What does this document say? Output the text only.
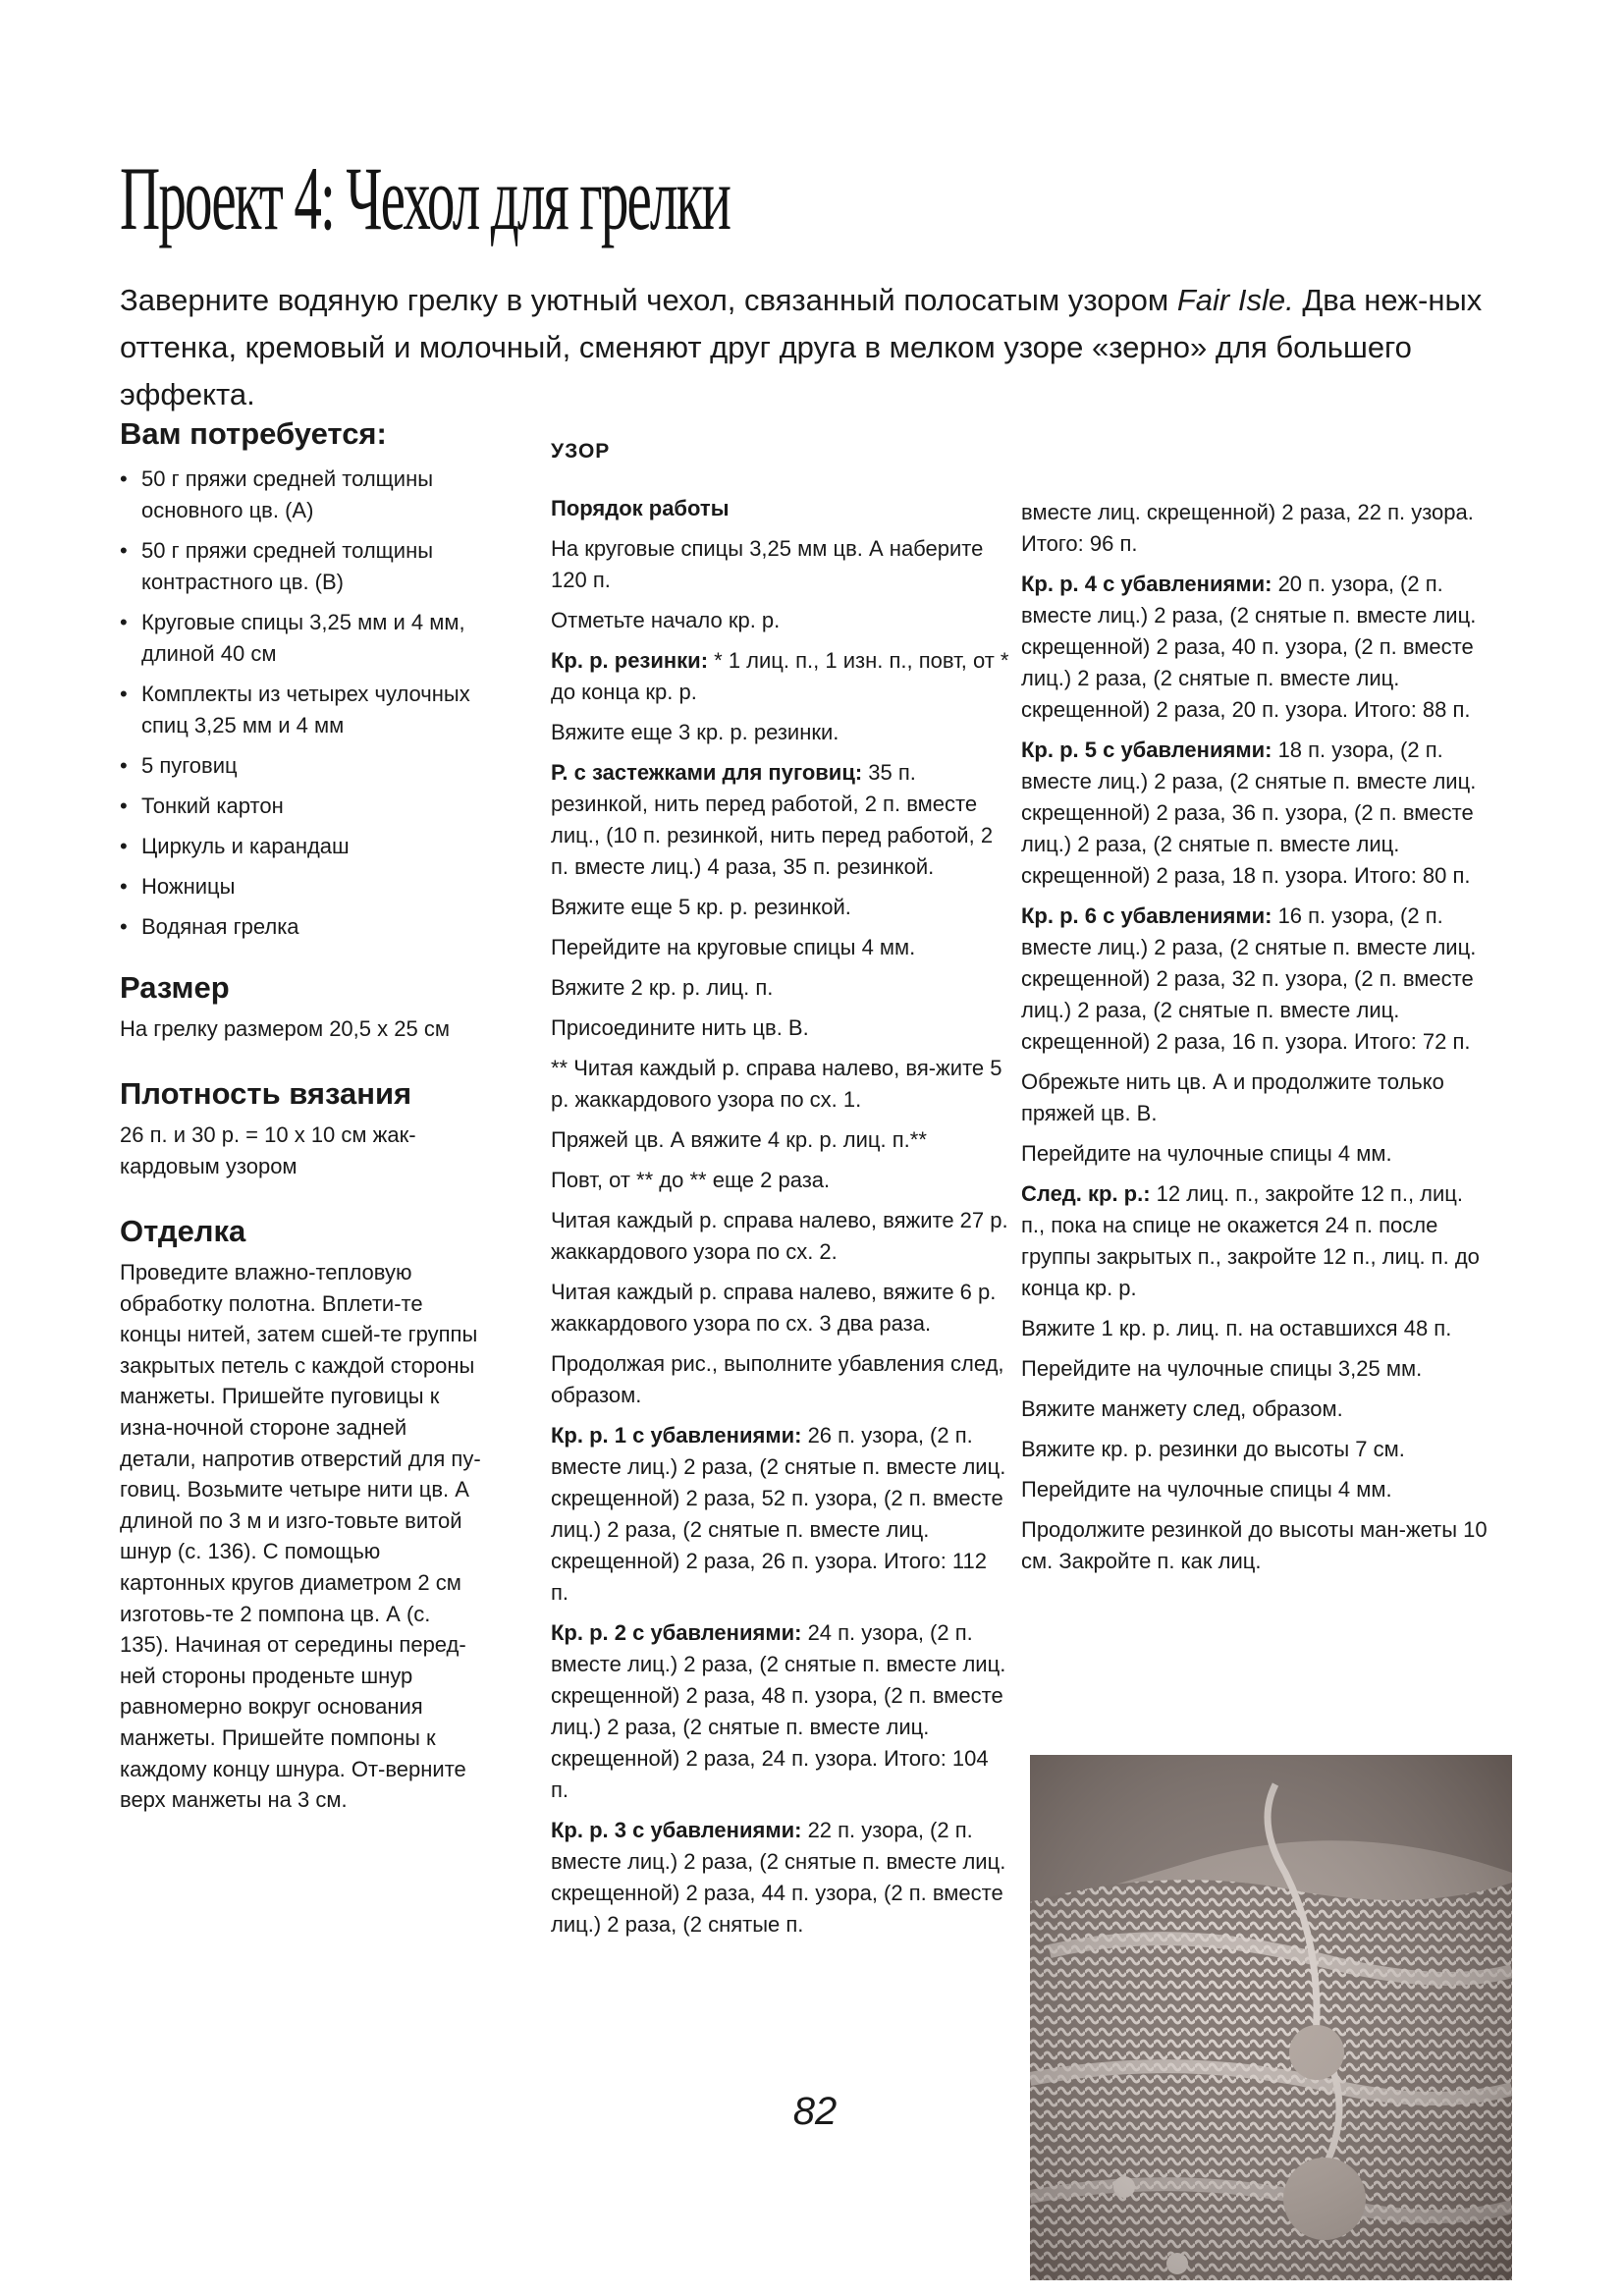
Проект 4: Чехол для грелки

Заверните водяную грелку в уютный чехол, связанный полосатым узором Fair Isle. Два неж-ных оттенка, кремовый и молочный, сменяют друг друга в мелком узоре «зерно» для большего эффекта.

Вам потребуется:
• 50 г пряжи средней толщины основного цв. (А)
• 50 г пряжи средней толщины контрастного цв. (В)
• Круговые спицы 3,25 мм и 4 мм, длиной 40 см
• Комплекты из четырех чулочных спиц 3,25 мм и 4 мм
• 5 пуговиц
• Тонкий картон
• Циркуль и карандаш
• Ножницы
• Водяная грелка
Размер

На грелку размером 20,5 х 25 см

Плотность вязания

26 п. и 30 р. = 10 х 10 см жак-кардовым узором

Отделка

Проведите влажно-тепловую обработку полотна. Вплети-те концы нитей, затем сшей-те группы закрытых петель с каждой стороны манжеты. Пришейте пуговицы к изна-ночной стороне задней детали, напротив отверстий для пу-говиц. Возьмите четыре нити цв. А длиной по 3 м и изго-товьте витой шнур (с. 136). С помощью картонных кругов диаметром 2 см изготовь-те 2 помпона цв. А (с. 135). Начиная от середины перед-ней стороны проденьте шнур равномерно вокруг основания манжеты. Пришейте помпоны к каждому концу шнура. От-верните верх манжеты на 3 см.

УЗОР

Порядок работы

На круговые спицы 3,25 мм цв. А наберите 120 п.

Отметьте начало кр. р.

Кр. р. резинки: * 1 лиц. п., 1 изн. п., повт, от * до конца кр. р.

Вяжите еще 3 кр. р. резинки.

Р. с застежками для пуговиц: 35 п. резинкой, нить перед работой, 2 п. вместе лиц., (10 п. резинкой, нить перед работой, 2 п. вместе лиц.) 4 раза, 35 п. резинкой.

Вяжите еще 5 кр. р. резинкой.

Перейдите на круговые спицы 4 мм.

Вяжите 2 кр. р. лиц. п.

Присоедините нить цв. В.

** Читая каждый р. справа налево, вя-жите 5 р. жаккардового узора по сх. 1.

Пряжей цв. А вяжите 4 кр. р. лиц. п.**

Повт, от ** до ** еще 2 раза.

Читая каждый р. справа налево, вяжите 27 р. жаккардового узора по сх. 2.

Читая каждый р. справа налево, вяжите 6 р. жаккардового узора по сх. 3 два раза.

Продолжая рис., выполните убавления след, образом.

Кр. р. 1 с убавлениями: 26 п. узора, (2 п. вместе лиц.) 2 раза, (2 снятые п. вместе лиц. скрещенной) 2 раза, 52 п. узора, (2 п. вместе лиц.) 2 раза, (2 снятые п. вместе лиц. скрещенной) 2 раза, 26 п. узора. Итого: 112 п.

Кр. р. 2 с убавлениями: 24 п. узора, (2 п. вместе лиц.) 2 раза, (2 снятые п. вместе лиц. скрещенной) 2 раза, 48 п. узора, (2 п. вместе лиц.) 2 раза, (2 снятые п. вместе лиц. скрещенной) 2 раза, 24 п. узора. Итого: 104 п.

Кр. р. 3 с убавлениями: 22 п. узора, (2 п. вместе лиц.) 2 раза, (2 снятые п. вместе лиц. скрещенной) 2 раза, 44 п. узора, (2 п. вместе лиц.) 2 раза, (2 снятые п.

вместе лиц. скрещенной) 2 раза, 22 п. узора. Итого: 96 п.

Кр. р. 4 с убавлениями: 20 п. узора, (2 п. вместе лиц.) 2 раза, (2 снятые п. вместе лиц. скрещенной) 2 раза, 40 п. узора, (2 п. вместе лиц.) 2 раза, (2 снятые п. вместе лиц. скрещенной) 2 раза, 20 п. узора. Итого: 88 п.

Кр. р. 5 с убавлениями: 18 п. узора, (2 п. вместе лиц.) 2 раза, (2 снятые п. вместе лиц. скрещенной) 2 раза, 36 п. узора, (2 п. вместе лиц.) 2 раза, (2 снятые п. вместе лиц. скрещенной) 2 раза, 18 п. узора. Итого: 80 п.

Кр. р. 6 с убавлениями: 16 п. узора, (2 п. вместе лиц.) 2 раза, (2 снятые п. вместе лиц. скрещенной) 2 раза, 32 п. узора, (2 п. вместе лиц.) 2 раза, (2 снятые п. вместе лиц. скрещенной) 2 раза, 16 п. узора. Итого: 72 п.

Обрежьте нить цв. А и продолжите только пряжей цв. В.

Перейдите на чулочные спицы 4 мм.

След. кр. р.: 12 лиц. п., закройте 12 п., лиц. п., пока на спице не окажется 24 п. после группы закрытых п., закройте 12 п., лиц. п. до конца кр. р.

Вяжите 1 кр. р. лиц. п. на оставшихся 48 п.

Перейдите на чулочные спицы 3,25 мм.

Вяжите манжету след, образом.

Вяжите кр. р. резинки до высоты 7 см.

Перейдите на чулочные спицы 4 мм.

Продолжите резинкой до высоты ман-жеты 10 см. Закройте п. как лиц.

82
